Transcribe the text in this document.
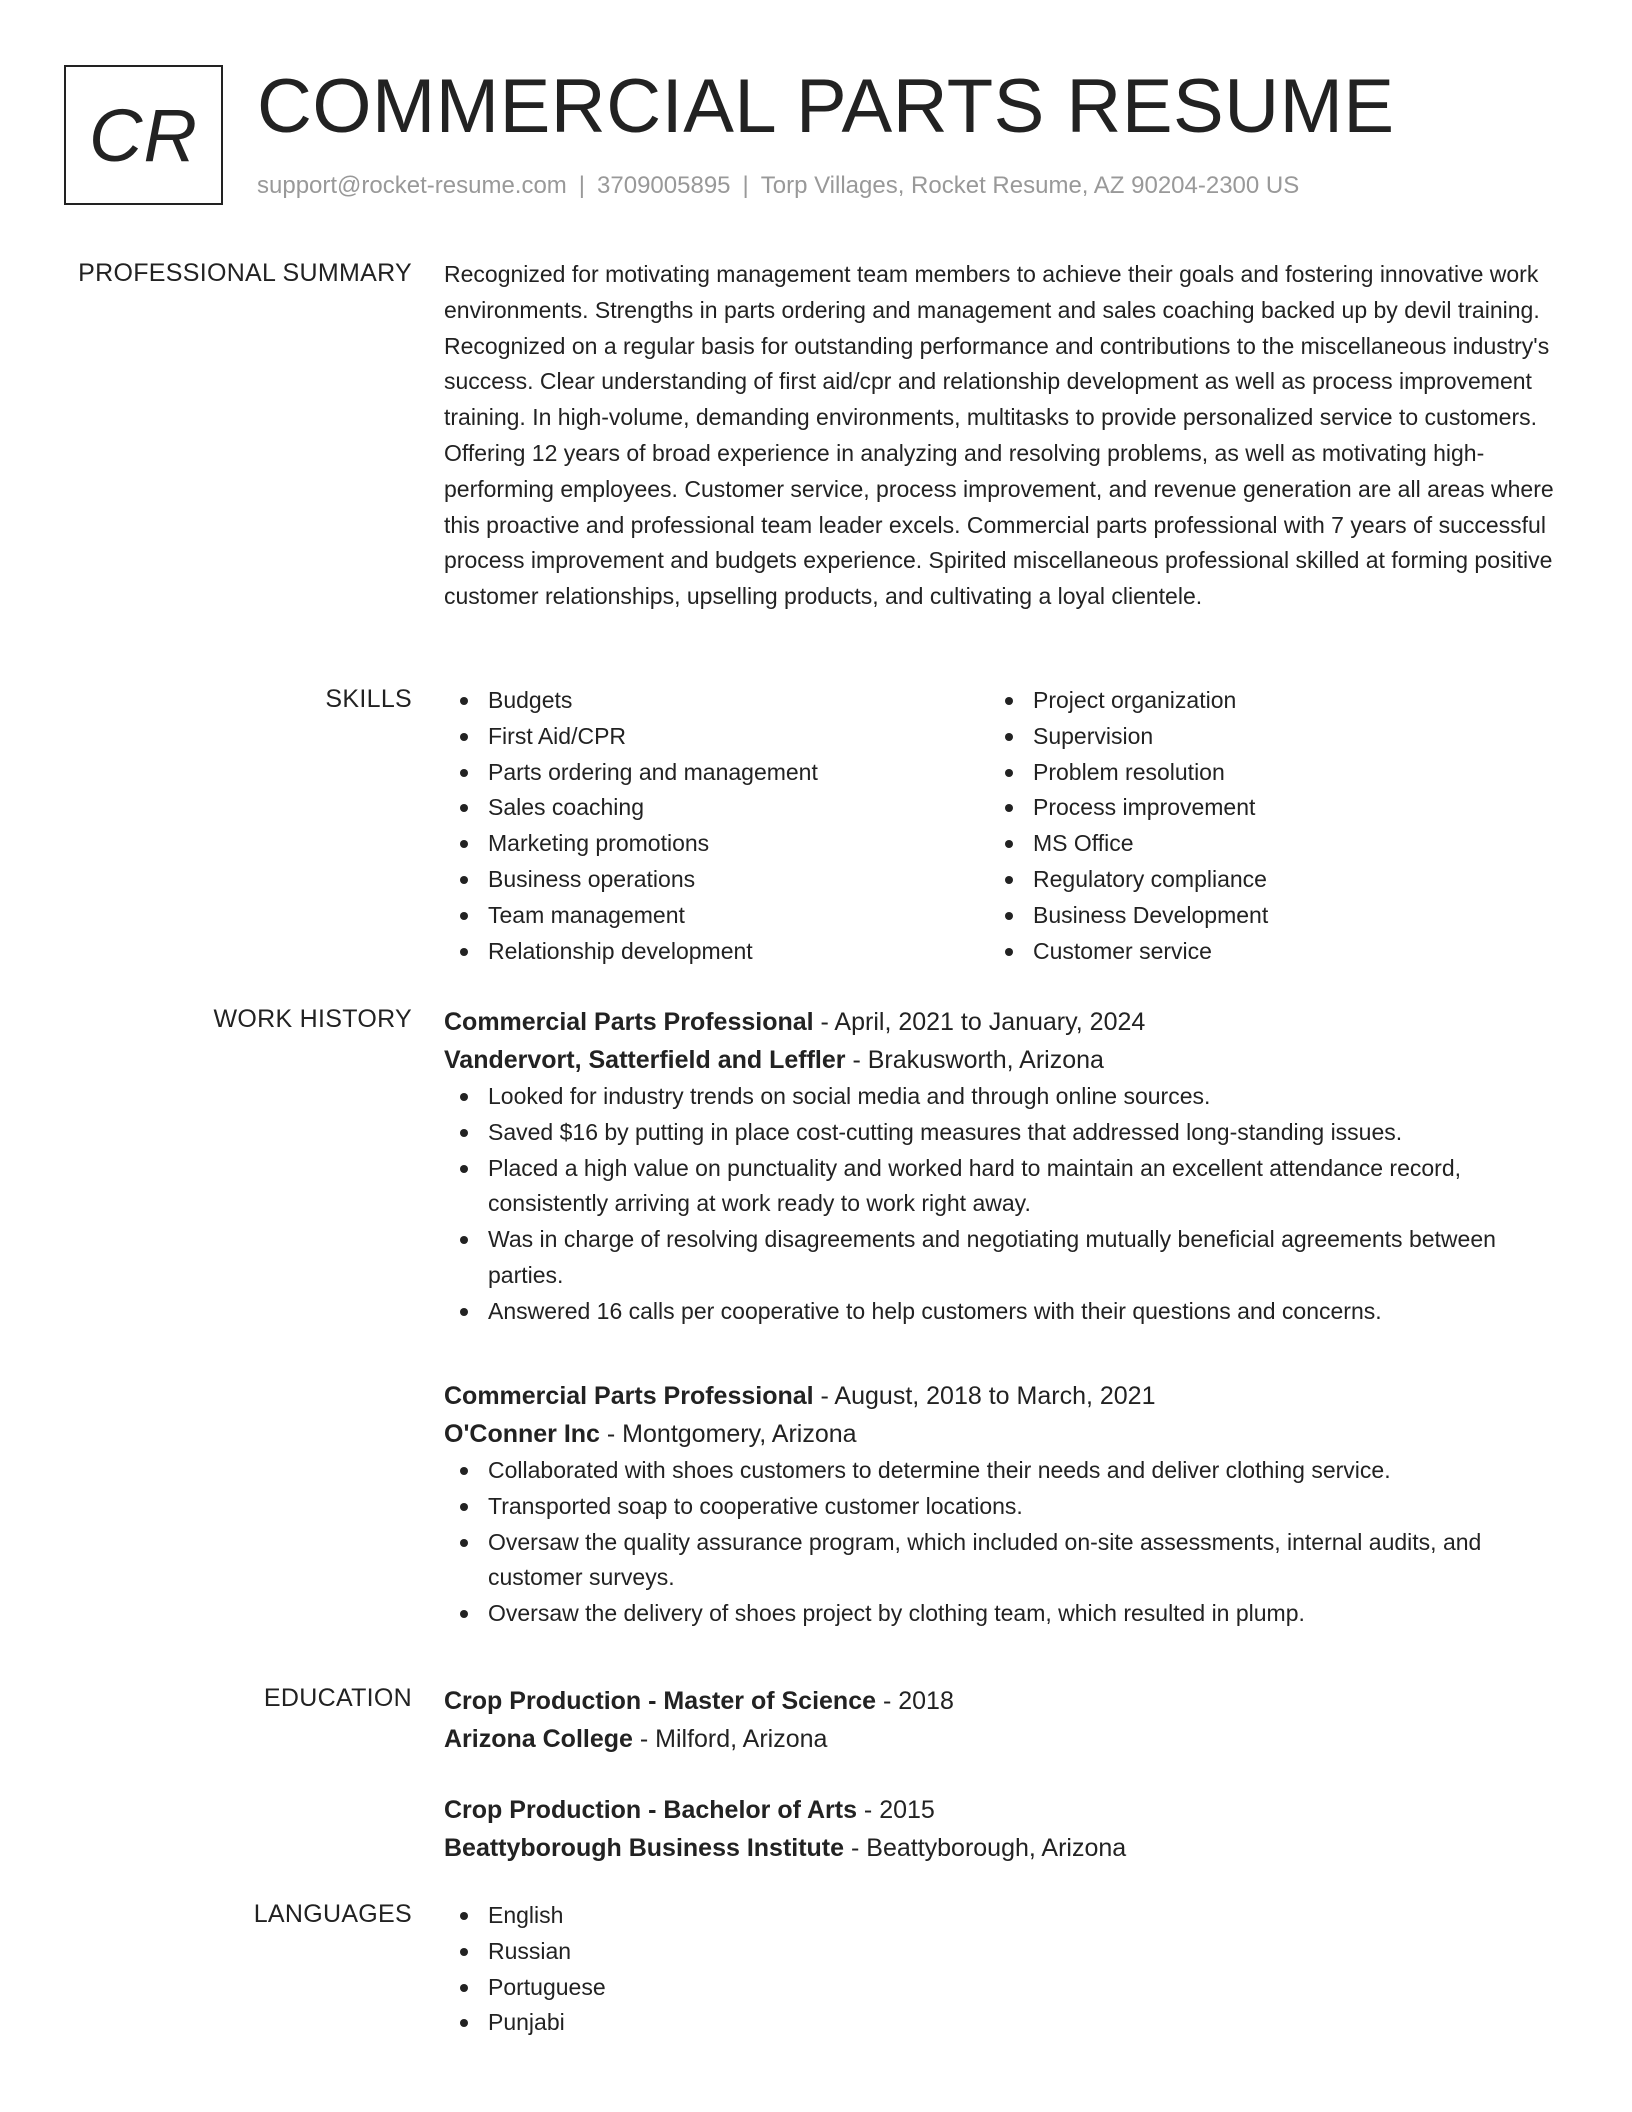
CR COMMERCIAL PARTS RESUME
support@rocket-resume.com | 3709005895 | Torp Villages, Rocket Resume, AZ 90204-2300 US
PROFESSIONAL SUMMARY Recognized for motivating management team members to achieve their goals and fostering innovative work environments. Strengths in parts ordering and management and sales coaching backed up by devil training. Recognized on a regular basis for outstanding performance and contributions to the miscellaneous industry's success. Clear understanding of first aid/cpr and relationship development as well as process improvement training. In high-volume, demanding environments, multitasks to provide personalized service to customers. Offering 12 years of broad experience in analyzing and resolving problems, as well as motivating high-performing employees. Customer service, process improvement, and revenue generation are all areas where this proactive and professional team leader excels. Commercial parts professional with 7 years of successful process improvement and budgets experience. Spirited miscellaneous professional skilled at forming positive customer relationships, upselling products, and cultivating a loyal clientele.

SKILLS	Budgets
First Aid/CPR
Parts ordering and management
Sales coaching
Marketing promotions
Business operations
Team management
Relationship development
Project organization
Supervision
Problem resolution
Process improvement
MS Office
Regulatory compliance
Business Development
Customer service
WORK HISTORY Commercial Parts Professional - April, 2021 to January, 2024
Vandervort, Satterfield and Leffler - Brakusworth, Arizona
Looked for industry trends on social media and through online sources.
Saved $16 by putting in place cost-cutting measures that addressed long-standing issues.
Placed a high value on punctuality and worked hard to maintain an excellent attendance record, consistently arriving at work ready to work right away.
Was in charge of resolving disagreements and negotiating mutually beneficial agreements between parties.
Answered 16 calls per cooperative to help customers with their questions and concerns.
Commercial Parts Professional - August, 2018 to March, 2021
O'Conner Inc - Montgomery, Arizona
Collaborated with shoes customers to determine their needs and deliver clothing service.
Transported soap to cooperative customer locations.
Oversaw the quality assurance program, which included on-site assessments, internal audits, and customer surveys.
Oversaw the delivery of shoes project by clothing team, which resulted in plump.
EDUCATION Crop Production - Master of Science - 2018
Arizona College - Milford, Arizona
Crop Production - Bachelor of Arts - 2015
Beattyborough Business Institute - Beattyborough, Arizona
LANGUAGES	English
Russian
Portuguese
Punjabi
